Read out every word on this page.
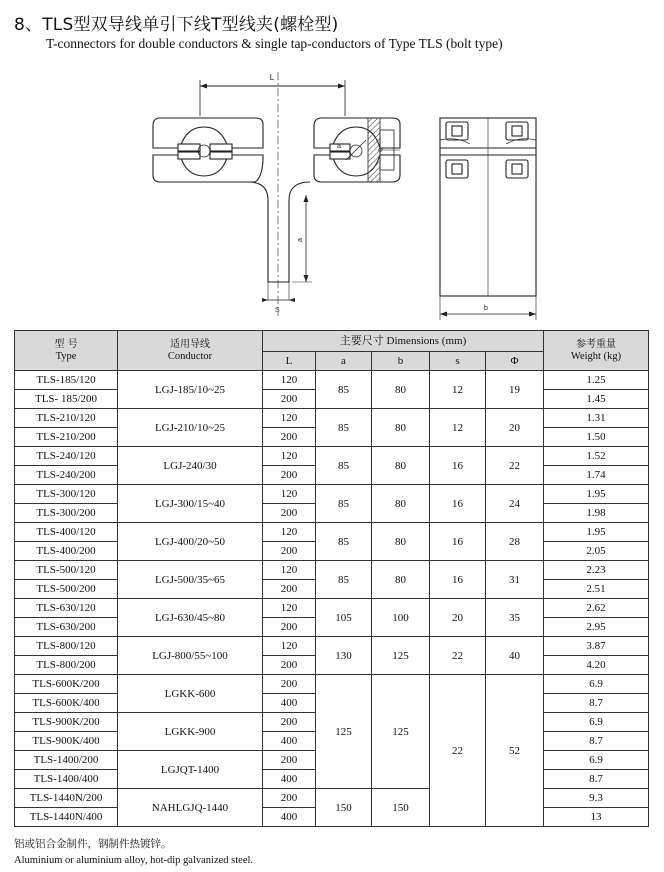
8、TLS型双导线单引下线T型线夹(螺栓型)
T-connectors for double conductors & single tap-conductors of Type TLS (bolt type)
L
a
Φ
a
S	b
型 号
Type	适用导线
Conductor	主要尺寸 Dimensions (mm)					参考重量
Weight (kg)

		L	a	b	s	Φ	
TLS-185/120	LGJ-185/10~25	120	85	80	12	19	1.25
TLS- 185/200		200					1.45
TLS-210/120	LGJ-210/10~25	120	85	80	12	20	1.31
TLS-210/200		200					1.50
TLS-240/120	LGJ-240/30	120	85	80	16	22	1.52
TLS-240/200		200					1.74
TLS-300/120	LGJ-300/15~40	120	85	80	16	24	1.95
TLS-300/200		200					1.98
TLS-400/120	LGJ-400/20~50	120	85	80	16	28	1.95
TLS-400/200		200					2.05
TLS-500/120	LGJ-500/35~65	120	85	80	16	31	2.23
TLS-500/200		200					2.51
TLS-630/120	LGJ-630/45~80	120	105	100	20	35	2.62
TLS-630/200		200					2.95
TLS-800/120	LGJ-800/55~100	120	130	125	22	40	3.87
TLS-800/200		200					4.20
TLS-600K/200	LGKK-600	200	125	125	22	52	6.9
TLS-600K/400		400					8.7
TLS-900K/200	LGKK-900	200					6.9
TLS-900K/400		400					8.7
TLS-1400/200	LGJQT-1400	200					6.9
TLS-1400/400		400					8.7
TLS-1440N/200	NAHLGJQ-1440	200	150	150			9.3
TLS-1440N/400		400					13
铝或铝合金制件，钢制件热镀锌。
Aluminium or aluminium alloy, hot-dip galvanized steel.
